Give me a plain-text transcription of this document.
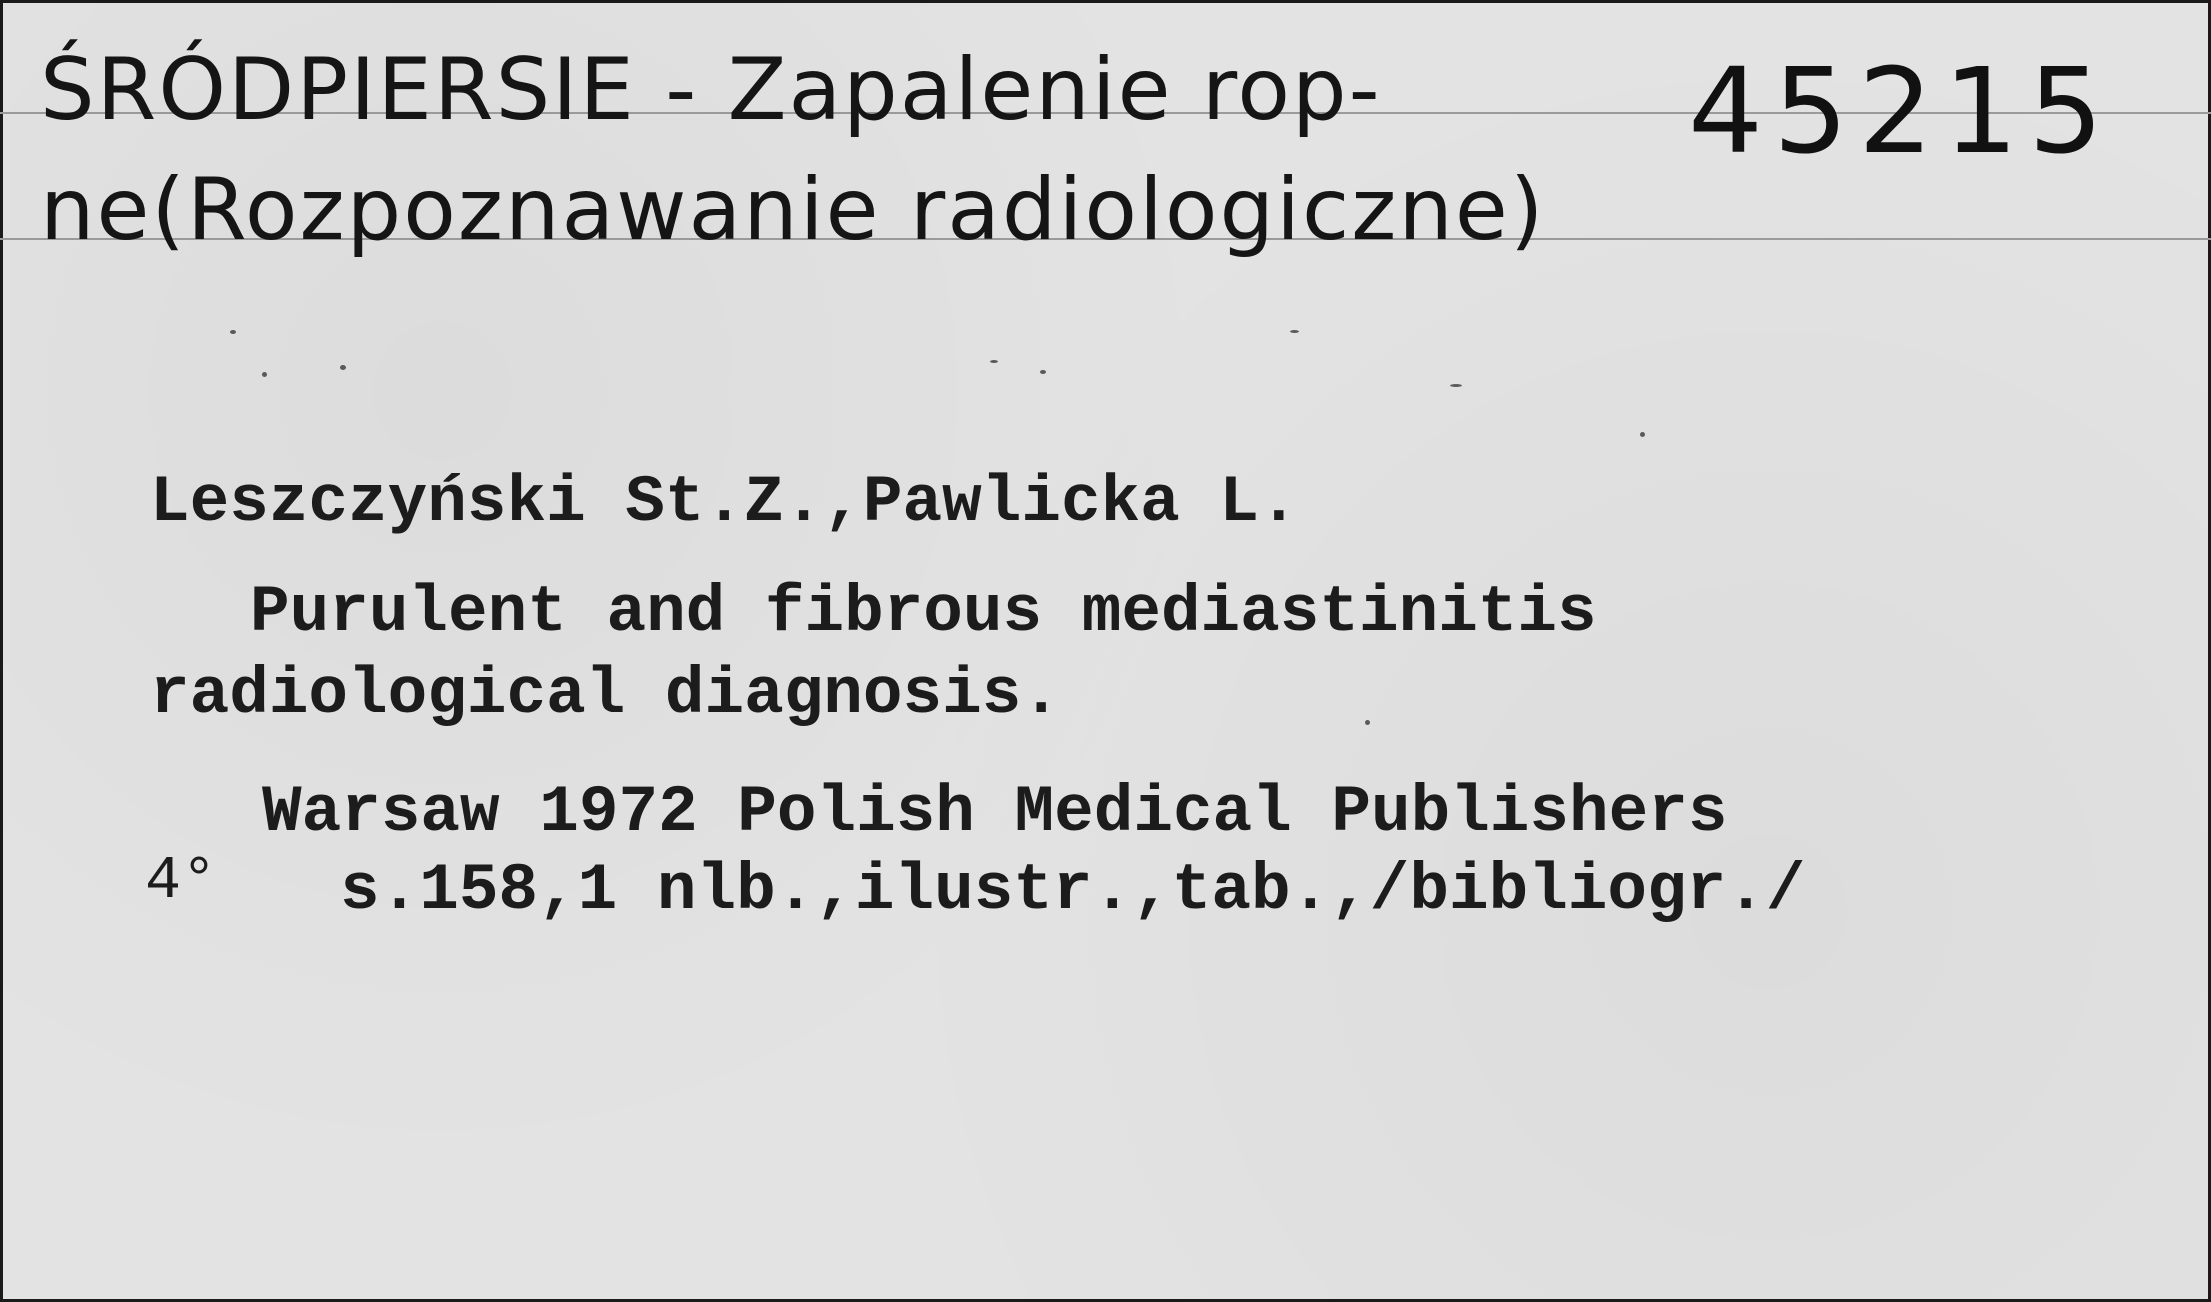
ŚRÓDPIERSIE - Zapalenie rop-
ne(Rozpoznawanie radiologiczne)
45215
Leszczyński St.Z.,Pawlicka L.
Purulent and fibrous mediastinitis
radiological diagnosis.
Warsaw 1972 Polish Medical Publishers
4° s.158,1 nlb.,ilustr.,tab.,/bibliogr./
